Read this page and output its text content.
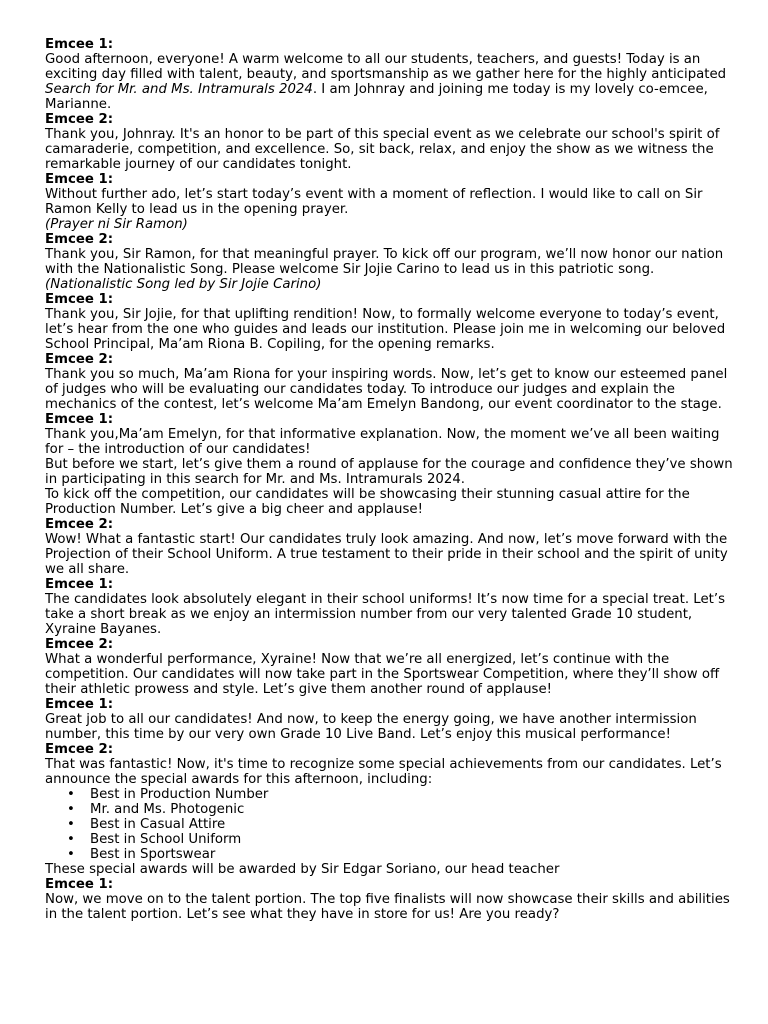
Emcee 1:

Good afternoon, everyone! A warm welcome to all our students, teachers, and guests! Today is an exciting day filled with talent, beauty, and sportsmanship as we gather here for the highly anticipated Search for Mr. and Ms. Intramurals 2024. I am Johnray and joining me today is my lovely co-emcee, Marianne.

Emcee 2:

Thank you, Johnray. It's an honor to be part of this special event as we celebrate our school's spirit of camaraderie, competition, and excellence. So, sit back, relax, and enjoy the show as we witness the remarkable journey of our candidates tonight.

Emcee 1:

Without further ado, let’s start today’s event with a moment of reflection. I would like to call on Sir Ramon Kelly to lead us in the opening prayer.

(Prayer ni Sir Ramon)

Emcee 2:

Thank you, Sir Ramon, for that meaningful prayer. To kick off our program, we’ll now honor our nation with the Nationalistic Song. Please welcome Sir Jojie Carino to lead us in this patriotic song.

(Nationalistic Song led by Sir Jojie Carino)

Emcee 1:

Thank you, Sir Jojie, for that uplifting rendition! Now, to formally welcome everyone to today’s event, let’s hear from the one who guides and leads our institution. Please join me in welcoming our beloved School Principal, Ma’am Riona B. Copiling, for the opening remarks.

Emcee 2:

Thank you so much, Ma’am Riona for your inspiring words. Now, let’s get to know our esteemed panel of judges who will be evaluating our candidates today. To introduce our judges and explain the mechanics of the contest, let’s welcome Ma’am Emelyn Bandong, our event coordinator to the stage.

Emcee 1:

Thank you,Ma’am Emelyn, for that informative explanation. Now, the moment we’ve all been waiting for – the introduction of our candidates!

But before we start, let’s give them a round of applause for the courage and confidence they’ve shown in participating in this search for Mr. and Ms. Intramurals 2024.

To kick off the competition, our candidates will be showcasing their stunning casual attire for the Production Number. Let’s give a big cheer and applause!

Emcee 2:

Wow! What a fantastic start! Our candidates truly look amazing. And now, let’s move forward with the Projection of their School Uniform. A true testament to their pride in their school and the spirit of unity we all share.

Emcee 1:

The candidates look absolutely elegant in their school uniforms! It’s now time for a special treat. Let’s take a short break as we enjoy an intermission number from our very talented Grade 10 student, Xyraine Bayanes.

Emcee 2:

What a wonderful performance, Xyraine! Now that we’re all energized, let’s continue with the competition. Our candidates will now take part in the Sportswear Competition, where they’ll show off their athletic prowess and style. Let’s give them another round of applause!

Emcee 1:

Great job to all our candidates! And now, to keep the energy going, we have another intermission number, this time by our very own Grade 10 Live Band. Let’s enjoy this musical performance!

Emcee 2:

That was fantastic! Now, it's time to recognize some special achievements from our candidates. Let’s announce the special awards for this afternoon, including:

• Best in Production Number
• Mr. and Ms. Photogenic
• Best in Casual Attire
• Best in School Uniform
• Best in Sportswear

These special awards will be awarded by Sir Edgar Soriano, our head teacher

Emcee 1:

Now, we move on to the talent portion. The top five finalists will now showcase their skills and abilities in the talent portion. Let’s see what they have in store for us! Are you ready?
